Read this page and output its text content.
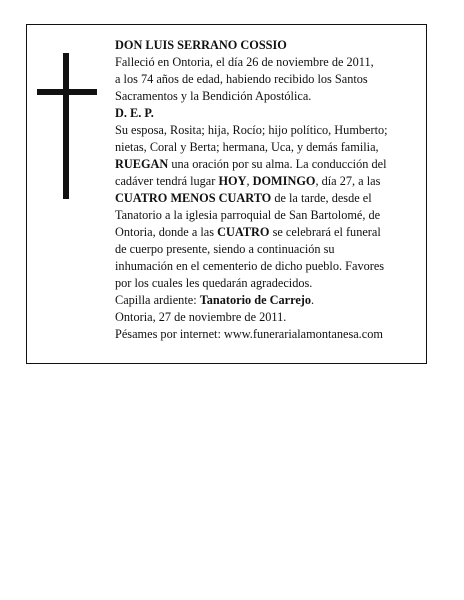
DON LUIS SERRANO COSSIO

Falleció en Ontoria, el día 26 de noviembre de 2011,

a los 74 años de edad, habiendo recibido los Santos

Sacramentos y la Bendición Apostólica.

D. E. P.

Su esposa, Rosita; hija, Rocío; hijo político, Humberto;

nietas, Coral y Berta; hermana, Uca, y demás familia,

RUEGAN una oración por su alma. La conducción del

cadáver tendrá lugar HOY, DOMINGO, día 27, a las

CUATRO MENOS CUARTO de la tarde, desde el

Tanatorio a la iglesia parroquial de San Bartolomé, de

Ontoria, donde a las CUATRO se celebrará el funeral

de cuerpo presente, siendo a continuación su

inhumación en el cementerio de dicho pueblo. Favores

por los cuales les quedarán agradecidos.

Capilla ardiente: Tanatorio de Carrejo.

Ontoria, 27 de noviembre de 2011.

Pésames por internet: www.funerarialamontanesa.com
